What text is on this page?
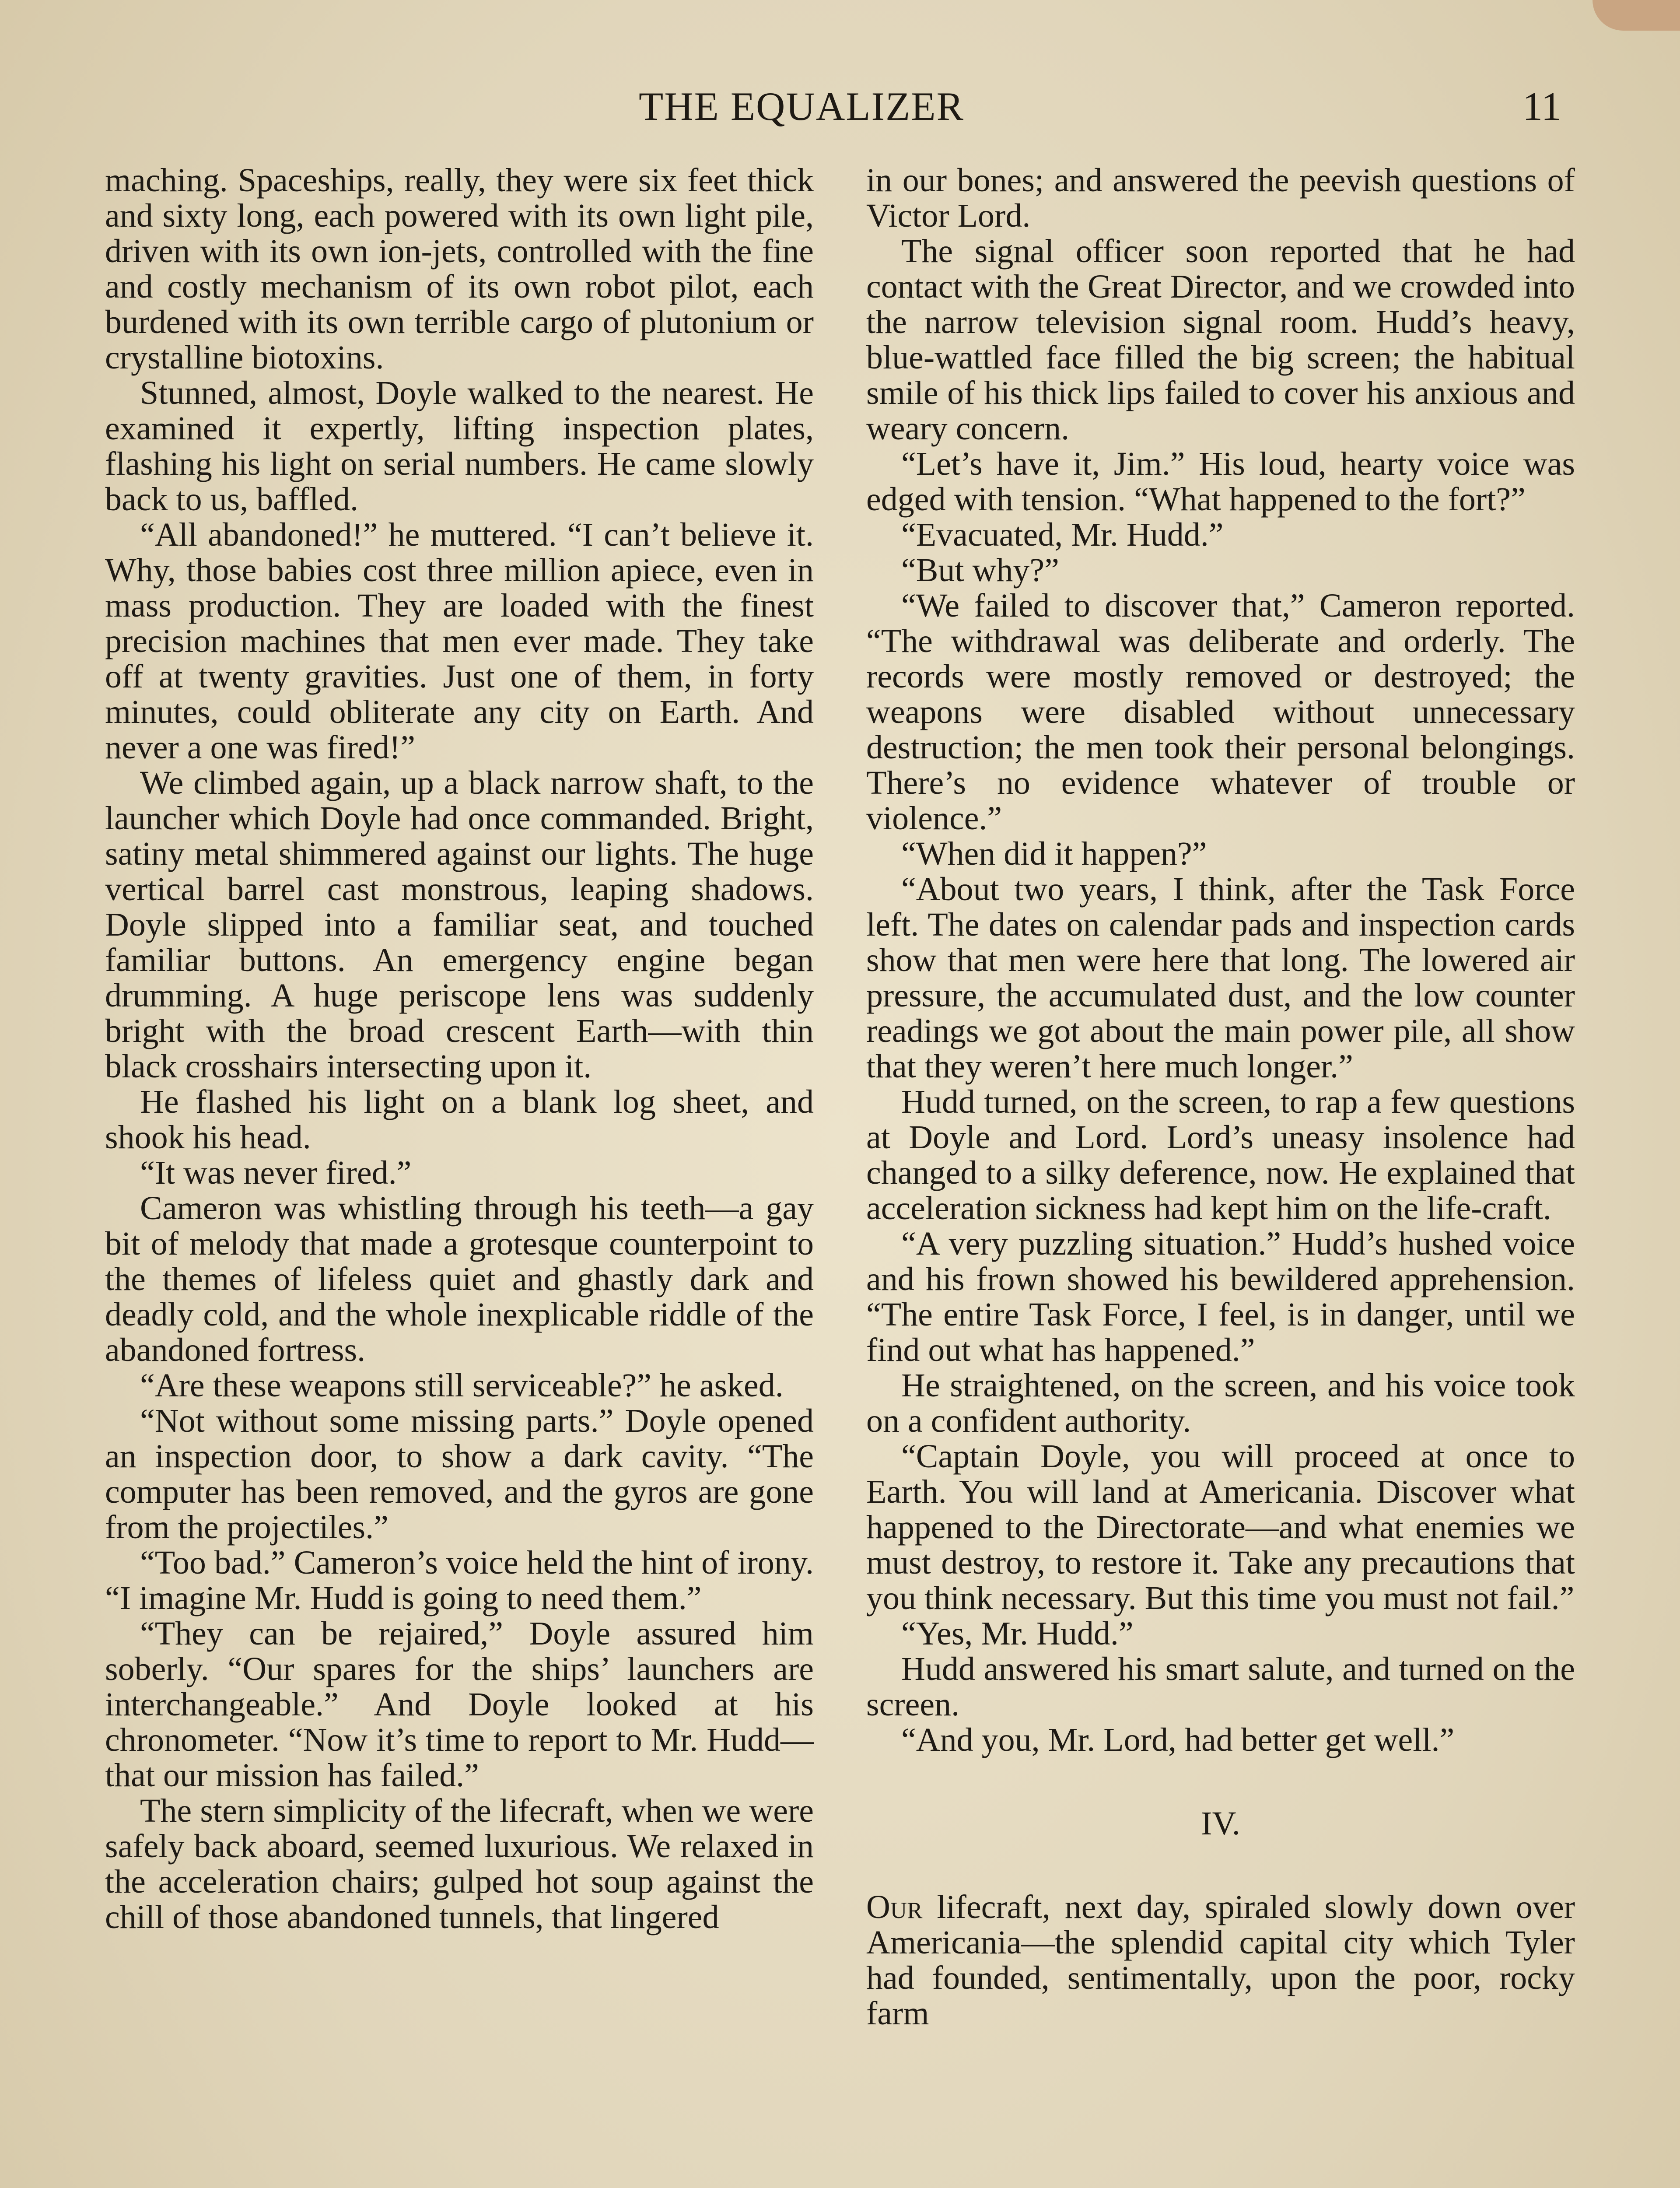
THE EQUALIZER	11

maching. Spaceships, really, they were six feet thick and sixty long, each powered with its own light pile, driven with its own ion-jets, controlled with the fine and costly mechanism of its own robot pilot, each burdened with its own terrible cargo of plutonium or crystalline biotoxins.

Stunned, almost, Doyle walked to the nearest. He examined it expertly, lifting inspection plates, flashing his light on serial numbers. He came slowly back to us, baffled.

“All abandoned!” he muttered. “I can’t believe it. Why, those babies cost three million apiece, even in mass production. They are loaded with the finest precision machines that men ever made. They take off at twenty gravities. Just one of them, in forty minutes, could obliterate any city on Earth. And never a one was fired!”

We climbed again, up a black narrow shaft, to the launcher which Doyle had once commanded. Bright, satiny metal shimmered against our lights. The huge vertical barrel cast monstrous, leaping shadows. Doyle slipped into a familiar seat, and touched familiar buttons. An emergency engine began drumming. A huge periscope lens was suddenly bright with the broad crescent Earth—with thin black crosshairs intersecting upon it.

He flashed his light on a blank log sheet, and shook his head.

“It was never fired.”

Cameron was whistling through his teeth—a gay bit of melody that made a grotesque counterpoint to the themes of lifeless quiet and ghastly dark and deadly cold, and the whole inexplicable riddle of the abandoned fortress.

“Are these weapons still serviceable?” he asked.

“Not without some missing parts.” Doyle opened an inspection door, to show a dark cavity. “The computer has been removed, and the gyros are gone from the projectiles.”

“Too bad.” Cameron’s voice held the hint of irony. “I imagine Mr. Hudd is going to need them.”

“They can be rejaired,” Doyle assured him soberly. “Our spares for the ships’ launchers are interchangeable.” And Doyle looked at his chronometer. “Now it’s time to report to Mr. Hudd—that our mission has failed.”

The stern simplicity of the lifecraft, when we were safely back aboard, seemed luxurious. We relaxed in the acceleration chairs; gulped hot soup against the chill of those abandoned tunnels, that lingered

in our bones; and answered the peevish questions of Victor Lord.

The signal officer soon reported that he had contact with the Great Director, and we crowded into the narrow television signal room. Hudd’s heavy, blue-wattled face filled the big screen; the habitual smile of his thick lips failed to cover his anxious and weary concern.

“Let’s have it, Jim.” His loud, hearty voice was edged with tension. “What happened to the fort?”

“Evacuated, Mr. Hudd.”

“But why?”

“We failed to discover that,” Cameron reported. “The withdrawal was deliberate and orderly. The records were mostly removed or destroyed; the weapons were disabled without unnecessary destruction; the men took their personal belongings. There’s no evidence whatever of trouble or violence.”

“When did it happen?”

“About two years, I think, after the Task Force left. The dates on calendar pads and inspection cards show that men were here that long. The lowered air pressure, the accumulated dust, and the low counter readings we got about the main power pile, all show that they weren’t here much longer.”

Hudd turned, on the screen, to rap a few questions at Doyle and Lord. Lord’s uneasy insolence had changed to a silky deference, now. He explained that acceleration sickness had kept him on the life-craft.

“A very puzzling situation.” Hudd’s hushed voice and his frown showed his bewildered apprehension. “The entire Task Force, I feel, is in danger, until we find out what has happened.”

He straightened, on the screen, and his voice took on a confident authority.

“Captain Doyle, you will proceed at once to Earth. You will land at Americania. Discover what happened to the Directorate—and what enemies we must destroy, to restore it. Take any precautions that you think necessary. But this time you must not fail.”

“Yes, Mr. Hudd.”

Hudd answered his smart salute, and turned on the screen.

“And you, Mr. Lord, had better get well.”

IV.

Our lifecraft, next day, spiraled slowly down over Americania—the splendid capital city which Tyler had founded, sentimentally, upon the poor, rocky farm
